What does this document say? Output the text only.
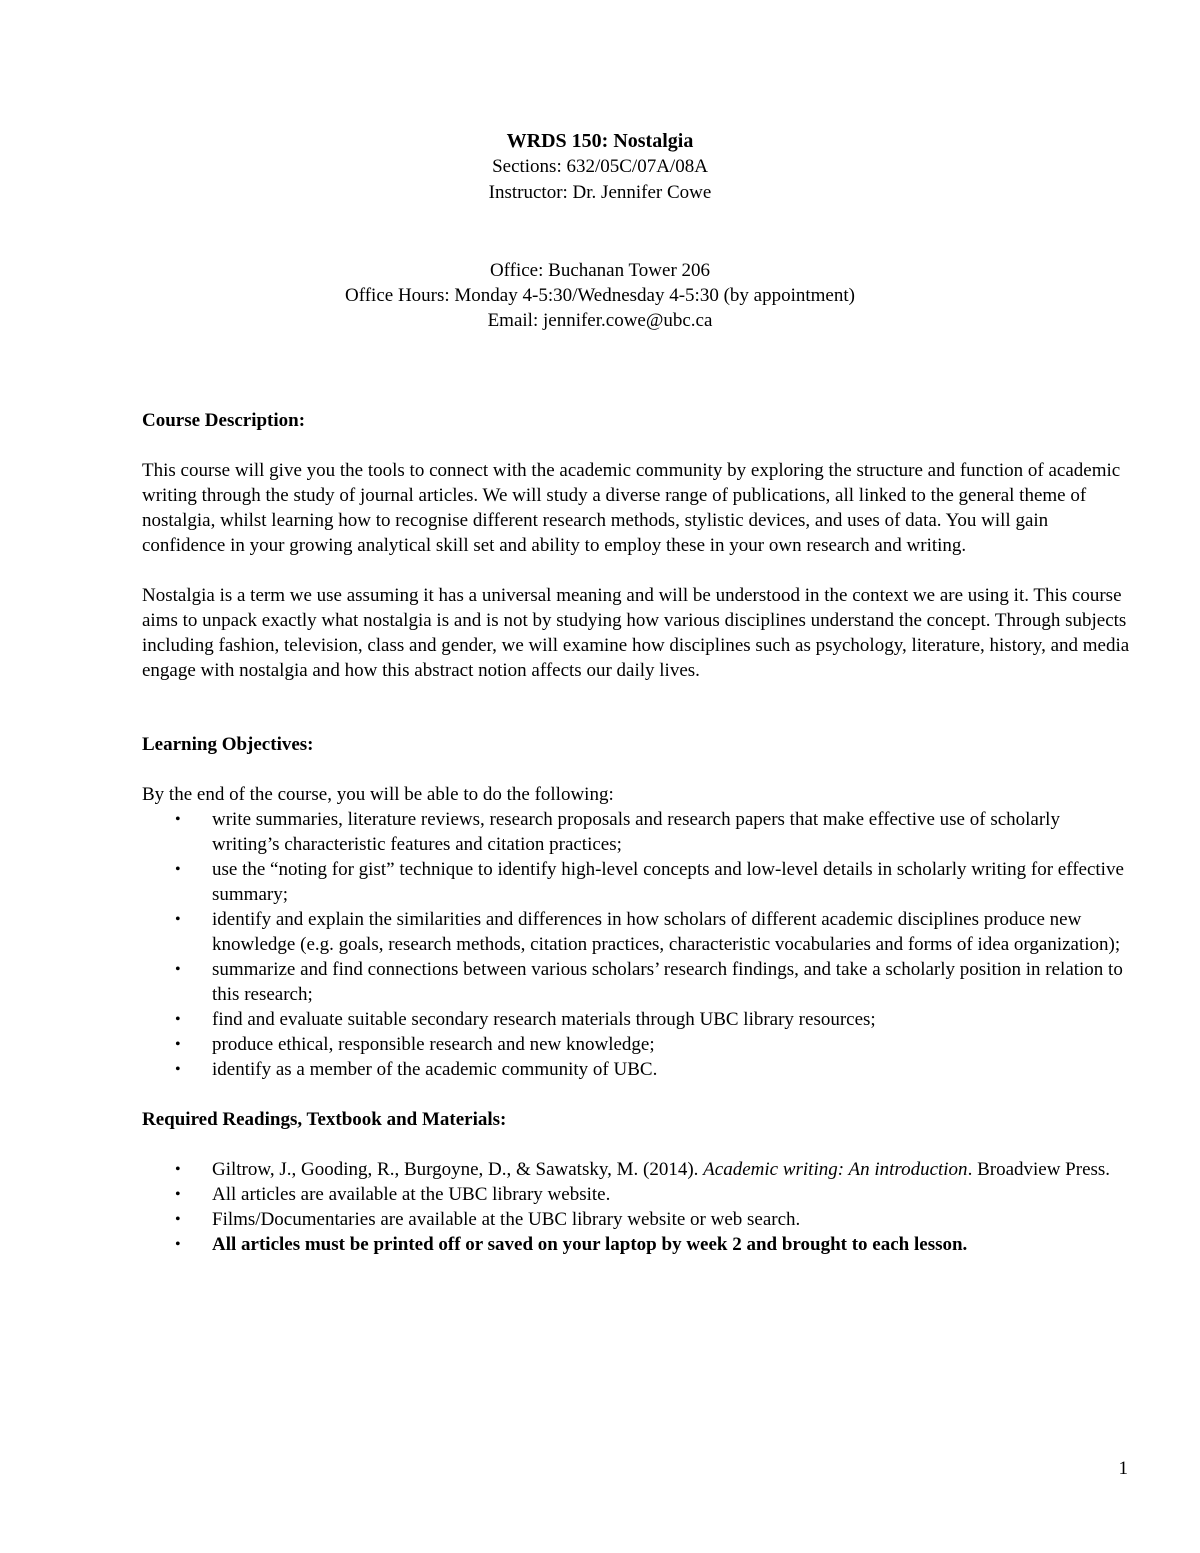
WRDS 150: Nostalgia
Sections: 632/05C/07A/08A
Instructor: Dr. Jennifer Cowe
Office: Buchanan Tower 206
Office Hours: Monday 4-5:30/Wednesday 4-5:30 (by appointment)
Email: jennifer.cowe@ubc.ca

Course Description:

This course will give you the tools to connect with the academic community by exploring the structure and function of academic writing through the study of journal articles. We will study a diverse range of publications, all linked to the general theme of nostalgia, whilst learning how to recognise different research methods, stylistic devices, and uses of data. You will gain confidence in your growing analytical skill set and ability to employ these in your own research and writing.

Nostalgia is a term we use assuming it has a universal meaning and will be understood in the context we are using it. This course aims to unpack exactly what nostalgia is and is not by studying how various disciplines understand the concept. Through subjects including fashion, television, class and gender, we will examine how disciplines such as psychology, literature, history, and media engage with nostalgia and how this abstract notion affects our daily lives.

Learning Objectives:

By the end of the course, you will be able to do the following:

• write summaries, literature reviews, research proposals and research papers that make effective use of scholarly writing’s characteristic features and citation practices;
• use the “noting for gist” technique to identify high-level concepts and low-level details in scholarly writing for effective summary;
• identify and explain the similarities and differences in how scholars of different academic disciplines produce new knowledge (e.g. goals, research methods, citation practices, characteristic vocabularies and forms of idea organization);
• summarize and find connections between various scholars’ research findings, and take a scholarly position in relation to this research;
• find and evaluate suitable secondary research materials through UBC library resources;
• produce ethical, responsible research and new knowledge;
• identify as a member of the academic community of UBC.

Required Readings, Textbook and Materials:

• Giltrow, J., Gooding, R., Burgoyne, D., & Sawatsky, M. (2014). Academic writing: An introduction. Broadview Press.
• All articles are available at the UBC library website.
• Films/Documentaries are available at the UBC library website or web search.
• All articles must be printed off or saved on your laptop by week 2 and brought to each lesson.
1
